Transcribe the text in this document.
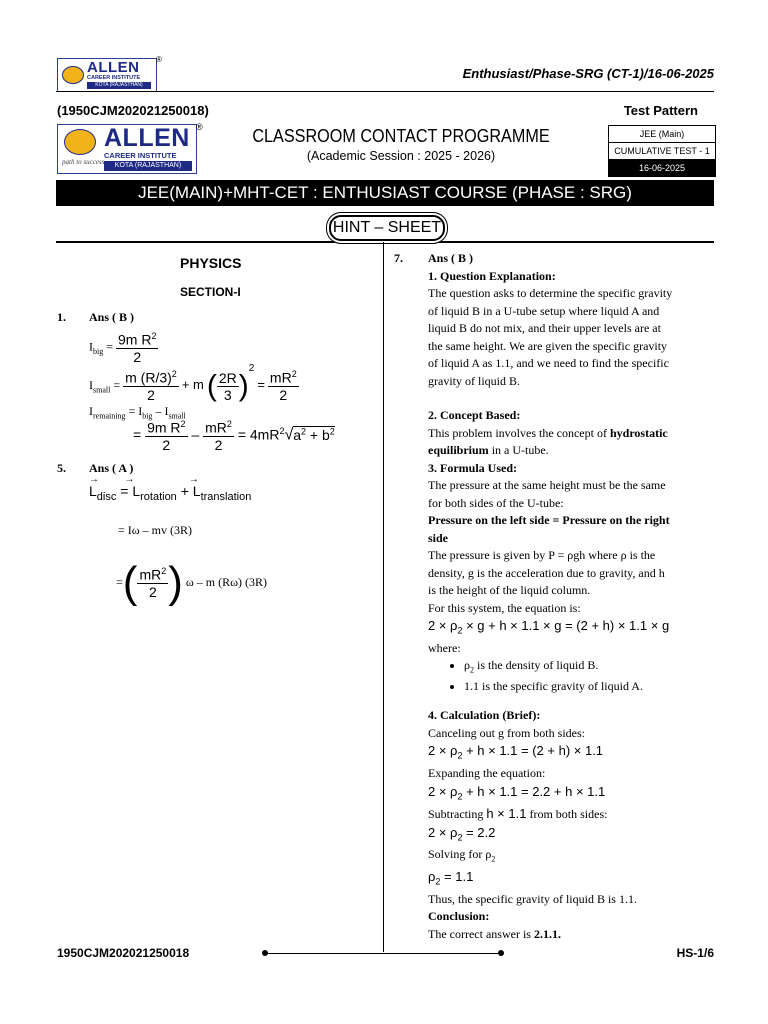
ALLEN
CAREER INSTITUTE
KOTA (RAJASTHAN)
®
Enthusiast/Phase-SRG (CT-1)/16-06-2025
(1950CJM202021250018)	Test Pattern
path to success
ALLEN
CAREER INSTITUTE
KOTA (RAJASTHAN)
®	CLASSROOM CONTACT PROGRAMME
(Academic Session : 2025 - 2026)
JEE (Main)
CUMULATIVE TEST - 1
16-06-2025
JEE(MAIN)+MHT-CET : ENTHUSIAST COURSE (PHASE : SRG)
HINT – SHEET
PHYSICS
SECTION-I
1. Ans ( B )
$I_{big} = \frac{9m R^2}{2}$
$I_{small} = \frac{m (R/3)^2}{2} + m$ ( $\frac{2R}{3} )^2 = \frac{mR^2}{2}$
$I_{remaining} = I_{big} - I_{small}$
= $\frac{9m R^2}{2} - \frac{mR^2}{2} = 4mR^2√a^2 + b^2$
5. Ans ( A )
→
$L_{disc}$
→
= $L_{rotation}$
→
+ $L_{translation}$
= Iω – mv (3R)
=( $\frac{mR^2}{2}$ ) ω – m (Rω) (3R)
7. Ans ( B )
1. Question Explanation:
The question asks to determine the specific gravity
of liquid B in a U-tube setup where liquid A and
liquid B do not mix, and their upper levels are at
the same height. We are given the specific gravity
of liquid A as 1.1, and we need to find the specific
gravity of liquid B.
2. Concept Based:
This problem involves the concept of hydrostatic
equilibrium in a U-tube.
3. Formula Used:
The pressure at the same height must be the same
for both sides of the U-tube:
Pressure on the left side = Pressure on the right
side
The pressure is given by P = ρgh where ρ is the
density, g is the acceleration due to gravity, and h
is the height of the liquid column.
For this system, the equation is:
$2 \times \rho_2 \times g + h \times 1.1 \times g = (2 + h) \times 1.1 \times g$
where:
• $\rho_2$ is the density of liquid B.
• 1.1 is the specific gravity of liquid A.
4. Calculation (Brief):
Canceling out g from both sides:
$2 \times \rho_2 + h \times 1.1 = (2 + h) \times 1.1$
Expanding the equation:
$2 \times \rho_2 + h \times 1.1 = 2.2 + h \times 1.1$
Subtracting h × 1.1 from both sides:
$2 \times \rho_2 = 2.2$
Solving for $\rho_2$
$\rho_2 = 1.1$
Thus, the specific gravity of liquid B is 1.1.
Conclusion:
The correct answer is 2.1.1.
1950CJM202021250018	HS-1/6
